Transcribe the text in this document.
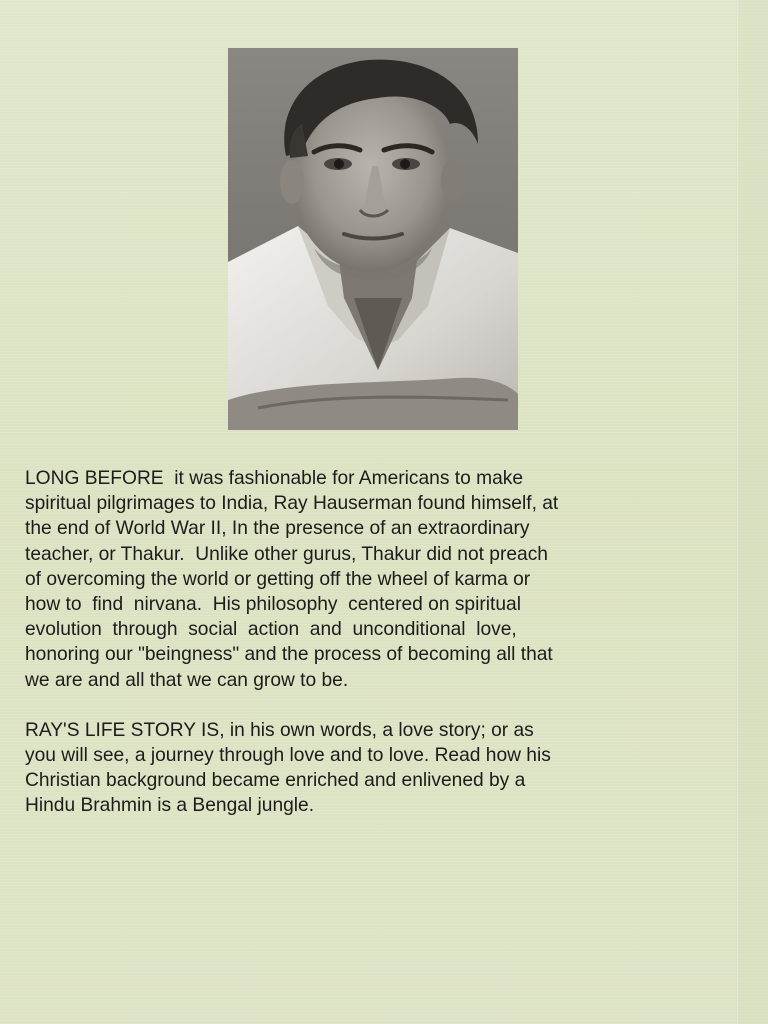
LONG BEFORE  it was fashionable for Americans to make
spiritual pilgrimages to India, Ray Hauserman found himself, at
the end of World War II, In the presence of an extraordinary
teacher, or Thakur.  Unlike other gurus, Thakur did not preach
of overcoming the world or getting off the wheel of karma or
how to  find  nirvana.  His philosophy  centered on spiritual
evolution  through  social  action  and  unconditional  love,
honoring our "beingness" and the process of becoming all that
we are and all that we can grow to be.
RAY'S LIFE STORY IS, in his own words, a love story; or as
you will see, a journey through love and to love. Read how his
Christian background became enriched and enlivened by a
Hindu Brahmin is a Bengal jungle.
